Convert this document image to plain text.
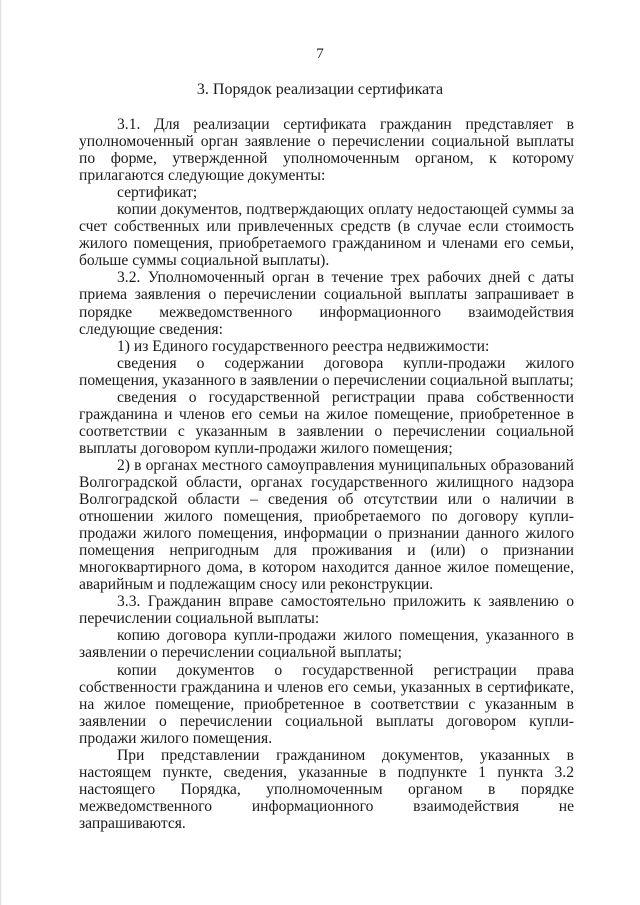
7
3. Порядок реализации сертификата

3.1. Для реализации сертификата гражданин представляет в уполномоченный орган заявление о перечислении социальной выплаты по форме, утвержденной уполномоченным органом, к которому прилагаются следующие документы:

сертификат;

копии документов, подтверждающих оплату недостающей суммы за счет собственных или привлеченных средств (в случае если стоимость жилого помещения, приобретаемого гражданином и членами его семьи, больше суммы социальной выплаты).

3.2. Уполномоченный орган в течение трех рабочих дней с даты приема заявления о перечислении социальной выплаты запрашивает в порядке межведомственного информационного взаимодействия следующие сведения:

1) из Единого государственного реестра недвижимости:

сведения о содержании договора купли-продажи жилого помещения, указанного в заявлении о перечислении социальной выплаты;

сведения о государственной регистрации права собственности гражданина и членов его семьи на жилое помещение, приобретенное в соответствии с указанным в заявлении о перечислении социальной выплаты договором купли-продажи жилого помещения;

2) в органах местного самоуправления муниципальных образований Волгоградской области, органах государственного жилищного надзора Волгоградской области – сведения об отсутствии или о наличии в отношении жилого помещения, приобретаемого по договору купли-продажи жилого помещения, информации о признании данного жилого помещения непригодным для проживания и (или) о признании многоквартирного дома, в котором находится данное жилое помещение, аварийным и подлежащим сносу или реконструкции.

3.3. Гражданин вправе самостоятельно приложить к заявлению о перечислении социальной выплаты:

копию договора купли-продажи жилого помещения, указанного в заявлении о перечислении социальной выплаты;

копии документов о государственной регистрации права собственности гражданина и членов его семьи, указанных в сертификате, на жилое помещение, приобретенное в соответствии с указанным в заявлении о перечислении социальной выплаты договором купли-продажи жилого помещения.

При представлении гражданином документов, указанных в настоящем пункте, сведения, указанные в подпункте 1 пункта 3.2 настоящего Порядка, уполномоченным органом в порядке межведомственного информационного взаимодействия не запрашиваются.
